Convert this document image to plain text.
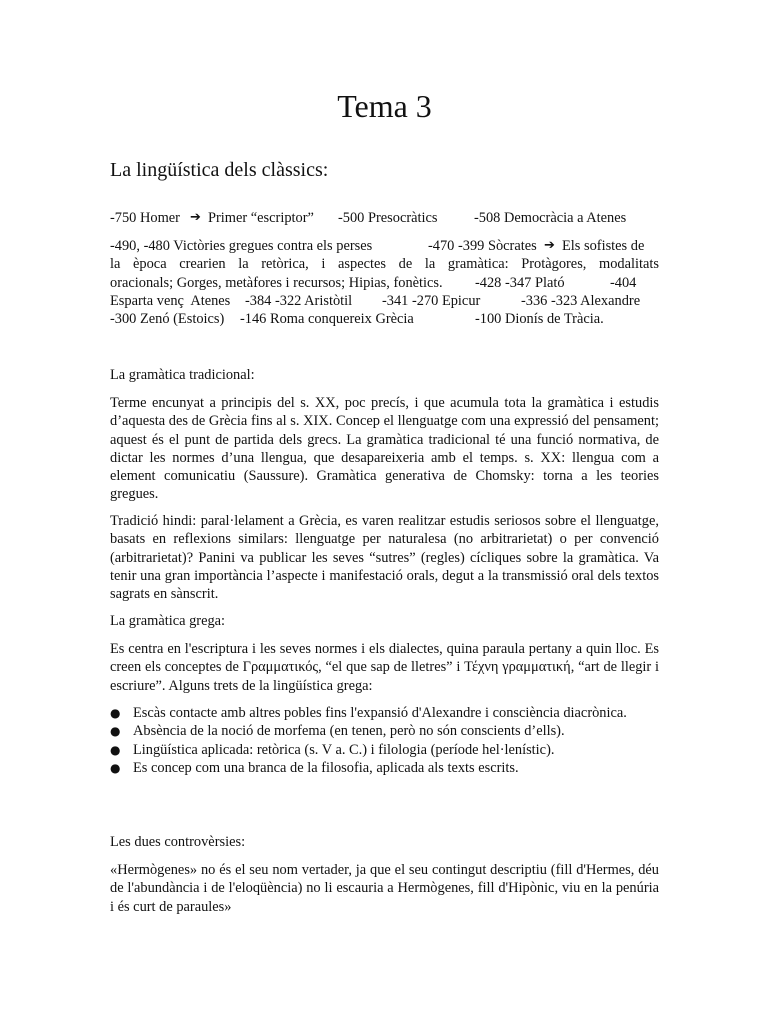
Tema 3
La lingüística dels clàssics:
-750 Homer ➔ Primer “escriptor” -500 Presocràtics	-508 Democràcia a Atenes
-490, -480 Victòries gregues contra els perses	-470 -399 Sòcrates ➔ Els sofistes de
la època crearien la retòrica, i aspectes de la gramàtica: Protàgores, modalitats
oracionals; Gorges, metàfores i recursos; Hipias, fonètics. -428 -347 Plató	-404
Esparta venç  Atenes -384 -322 Aristòtil -341 -270 Epicur	-336 -323 Alexandre
-300 Zenó (Estoics) -146 Roma conquereix Grècia	-100 Dionís de Tràcia.

La gramàtica tradicional:

Terme encunyat a principis del s. XX, poc precís, i que acumula tota la gramàtica i estudis d’aquesta des de Grècia fins al s. XIX. Concep el llenguatge com una expressió del pensament; aquest és el punt de partida dels grecs. La gramàtica tradicional té una funció normativa, de dictar les normes d’una llengua, que desapareixeria amb el temps. s. XX: llengua com a element comunicatiu (Saussure). Gramàtica generativa de Chomsky: torna a les teories gregues.

Tradició hindi: paral·lelament a Grècia, es varen realitzar estudis seriosos sobre el llenguatge, basats en reflexions similars: llenguatge per naturalesa (no arbitrarietat) o per convenció (arbitrarietat)? Panini va publicar les seves “sutres” (regles) cícliques sobre la gramàtica. Va tenir una gran importància l’aspecte i manifestació orals, degut a la transmissió oral dels textos sagrats en sànscrit.

La gramàtica grega:

Es centra en l'escriptura i les seves normes i els dialectes, quina paraula pertany a quin lloc. Es creen els conceptes de Γραμματικός, “el que sap de lletres” i Τέχνη γραμματική, “art de llegir i escriure”. Alguns trets de la lingüística grega:

● Escàs contacte amb altres pobles fins l'expansió d'Alexandre i consciència diacrònica.
● Absència de la noció de morfema (en tenen, però no són conscients d’ells).
● Lingüística aplicada: retòrica (s. V a. C.) i filologia (període hel·lenístic).
● Es concep com una branca de la filosofia, aplicada als texts escrits.

Les dues controvèrsies:

«Hermògenes» no és el seu nom vertader, ja que el seu contingut descriptiu (fill d'Hermes, déu de l'abundància i de l'eloqüència) no li escauria a Hermògenes, fill d'Hipònic, viu en la penúria i és curt de paraules»
